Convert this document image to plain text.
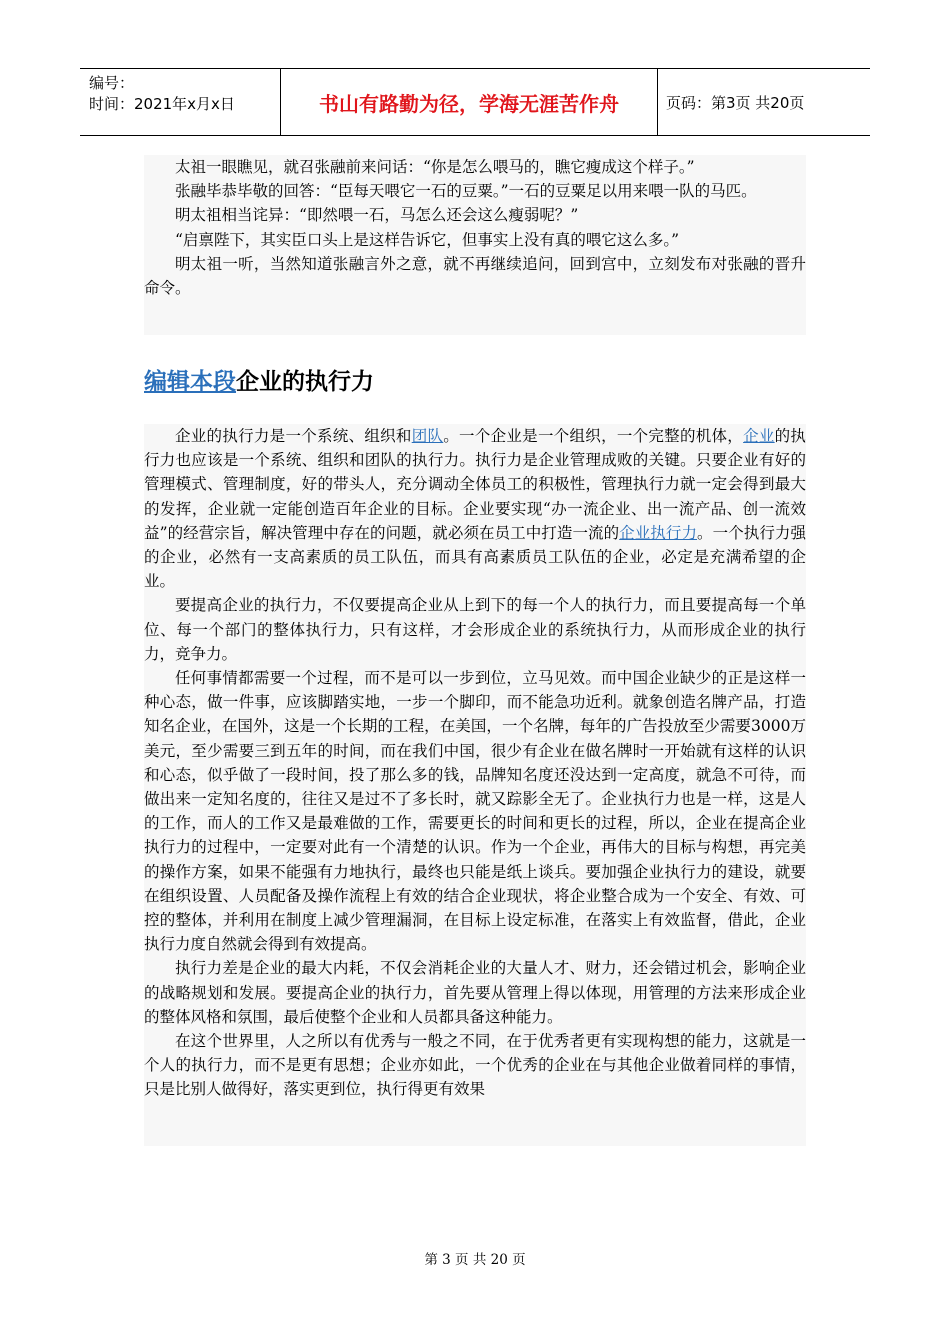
编号：
时间：2021年x月x日	书山有路勤为径，学海无涯苦作舟	页码：第3页 共20页

太祖一眼瞧见，就召张融前来问话：“你是怎么喂马的，瞧它瘦成这个样子。”

张融毕恭毕敬的回答：“臣每天喂它一石的豆粟。”一石的豆粟足以用来喂一队的马匹。

明太祖相当诧异：“即然喂一石，马怎么还会这么瘦弱呢？”

“启禀陛下，其实臣口头上是这样告诉它，但事实上没有真的喂它这么多。”

明太祖一听，当然知道张融言外之意，就不再继续追问，回到宫中，立刻发布对张融的晋升命令。

编辑本段企业的执行力

企业的执行力是一个系统、组织和团队。一个企业是一个组织，一个完整的机体，企业的执行力也应该是一个系统、组织和团队的执行力。执行力是企业管理成败的关键。只要企业有好的管理模式、管理制度，好的带头人，充分调动全体员工的积极性，管理执行力就一定会得到最大的发挥，企业就一定能创造百年企业的目标。企业要实现“办一流企业、出一流产品、创一流效益”的经营宗旨，解决管理中存在的问题，就必须在员工中打造一流的企业执行力。一个执行力强的企业，必然有一支高素质的员工队伍，而具有高素质员工队伍的企业，必定是充满希望的企业。

要提高企业的执行力，不仅要提高企业从上到下的每一个人的执行力，而且要提高每一个单位、每一个部门的整体执行力，只有这样，才会形成企业的系统执行力，从而形成企业的执行力，竞争力。

任何事情都需要一个过程，而不是可以一步到位，立马见效。而中国企业缺少的正是这样一种心态，做一件事，应该脚踏实地，一步一个脚印，而不能急功近利。就象创造名牌产品，打造知名企业，在国外，这是一个长期的工程，在美国，一个名牌，每年的广告投放至少需要3000万美元，至少需要三到五年的时间，而在我们中国，很少有企业在做名牌时一开始就有这样的认识和心态，似乎做了一段时间，投了那么多的钱，品牌知名度还没达到一定高度，就急不可待，而做出来一定知名度的，往往又是过不了多长时，就又踪影全无了。企业执行力也是一样，这是人的工作，而人的工作又是最难做的工作，需要更长的时间和更长的过程，所以，企业在提高企业执行力的过程中，一定要对此有一个清楚的认识。作为一个企业，再伟大的目标与构想，再完美的操作方案，如果不能强有力地执行，最终也只能是纸上谈兵。要加强企业执行力的建设，就要在组织设置、人员配备及操作流程上有效的结合企业现状，将企业整合成为一个安全、有效、可控的整体，并利用在制度上减少管理漏洞，在目标上设定标准，在落实上有效监督，借此，企业执行力度自然就会得到有效提高。

执行力差是企业的最大内耗，不仅会消耗企业的大量人才、财力，还会错过机会，影响企业的战略规划和发展。要提高企业的执行力，首先要从管理上得以体现，用管理的方法来形成企业的整体风格和氛围，最后使整个企业和人员都具备这种能力。

在这个世界里，人之所以有优秀与一般之不同，在于优秀者更有实现构想的能力，这就是一个人的执行力，而不是更有思想；企业亦如此，一个优秀的企业在与其他企业做着同样的事情，只是比别人做得好，落实更到位，执行得更有效果

第 3 页 共 20 页
